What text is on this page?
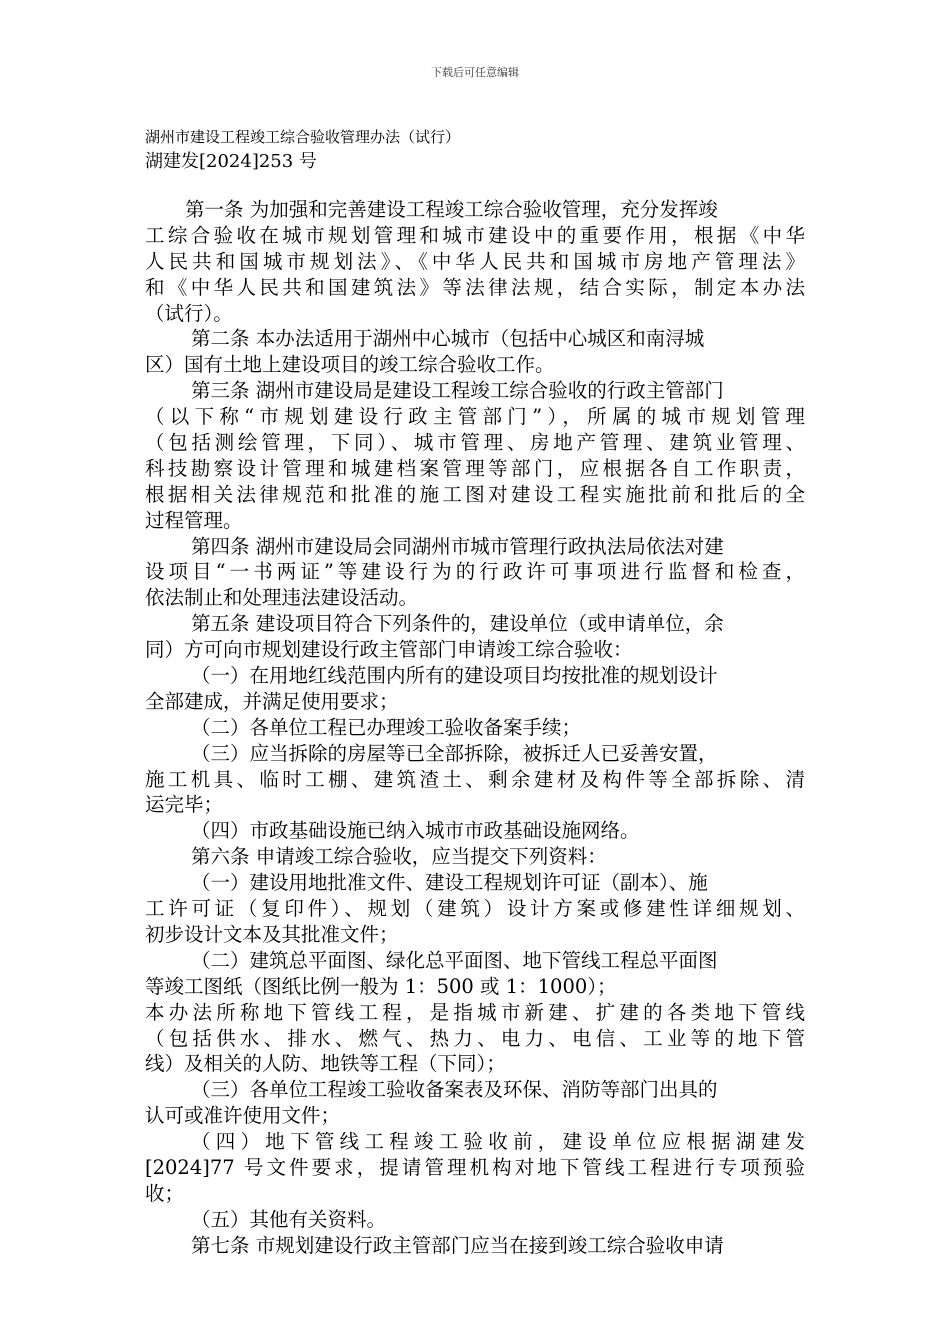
下载后可任意编辑
湖州市建设工程竣工综合验收管理办法（试行）
湖建发[2024]253 号
第一条 为加强和完善建设工程竣工综合验收管理，充分发挥竣
工综合验收在城市规划管理和城市建设中的重要作用，根据《中华
人民共和国城市规划法》、《中华人民共和国城市房地产管理法》
和《中华人民共和国建筑法》等法律法规，结合实际，制定本办法
（试行）。
第二条 本办法适用于湖州中心城市（包括中心城区和南浔城
区）国有土地上建设项目的竣工综合验收工作。
第三条 湖州市建设局是建设工程竣工综合验收的行政主管部门
（以下称“市规划建设行政主管部门”），所属的城市规划管理
（包括测绘管理，下同）、城市管理、房地产管理、建筑业管理、
科技勘察设计管理和城建档案管理等部门，应根据各自工作职责，
根据相关法律规范和批准的施工图对建设工程实施批前和批后的全
过程管理。
第四条 湖州市建设局会同湖州市城市管理行政执法局依法对建
设项目“一书两证”等建设行为的行政许可事项进行监督和检查，
依法制止和处理违法建设活动。
第五条 建设项目符合下列条件的，建设单位（或申请单位，余
同）方可向市规划建设行政主管部门申请竣工综合验收：
（一）在用地红线范围内所有的建设项目均按批准的规划设计
全部建成，并满足使用要求；
（二）各单位工程已办理竣工验收备案手续；
（三）应当拆除的房屋等已全部拆除，被拆迁人已妥善安置，
施工机具、临时工棚、建筑渣土、剩余建材及构件等全部拆除、清
运完毕；
（四）市政基础设施已纳入城市市政基础设施网络。
第六条 申请竣工综合验收，应当提交下列资料：
（一）建设用地批准文件、建设工程规划许可证（副本）、施
工许可证（复印件）、规划（建筑）设计方案或修建性详细规划、
初步设计文本及其批准文件；
（二）建筑总平面图、绿化总平面图、地下管线工程总平面图
等竣工图纸（图纸比例一般为 1：500 或 1：1000）；
本办法所称地下管线工程，是指城市新建、扩建的各类地下管线
（包括供水、排水、燃气、热力、电力、电信、工业等的地下管
线）及相关的人防、地铁等工程（下同）；
（三）各单位工程竣工验收备案表及环保、消防等部门出具的
认可或准许使用文件；
（四）地下管线工程竣工验收前，建设单位应根据湖建发
[2024]77 号文件要求，提请管理机构对地下管线工程进行专项预验
收；
（五）其他有关资料。
第七条 市规划建设行政主管部门应当在接到竣工综合验收申请
